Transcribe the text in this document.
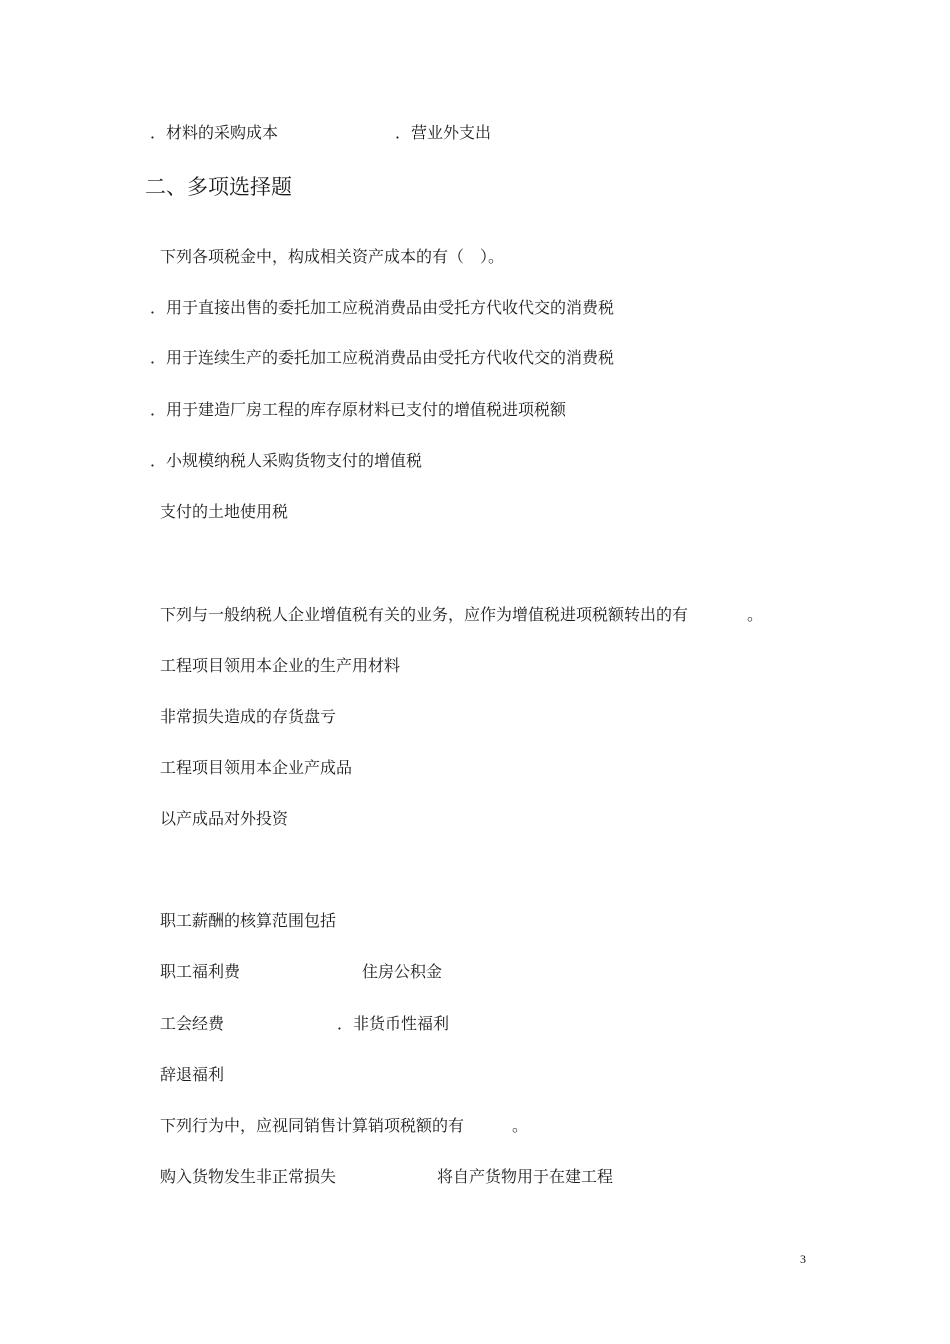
．材料的采购成本	．营业外支出
二、多项选择题
下列各项税金中，构成相关资产成本的有（　）。
．用于直接出售的委托加工应税消费品由受托方代收代交的消费税
．用于连续生产的委托加工应税消费品由受托方代收代交的消费税
．用于建造厂房工程的库存原材料已支付的增值税进项税额
．小规模纳税人采购货物支付的增值税
支付的土地使用税
下列与一般纳税人企业增值税有关的业务，应作为增值税进项税额转出的有	。
工程项目领用本企业的生产用材料
非常损失造成的存货盘亏
工程项目领用本企业产成品
以产成品对外投资
职工薪酬的核算范围包括
职工福利费	住房公积金
工会经费	．非货币性福利
辞退福利
下列行为中，应视同销售计算销项税额的有	。
购入货物发生非正常损失	将自产货物用于在建工程
3
